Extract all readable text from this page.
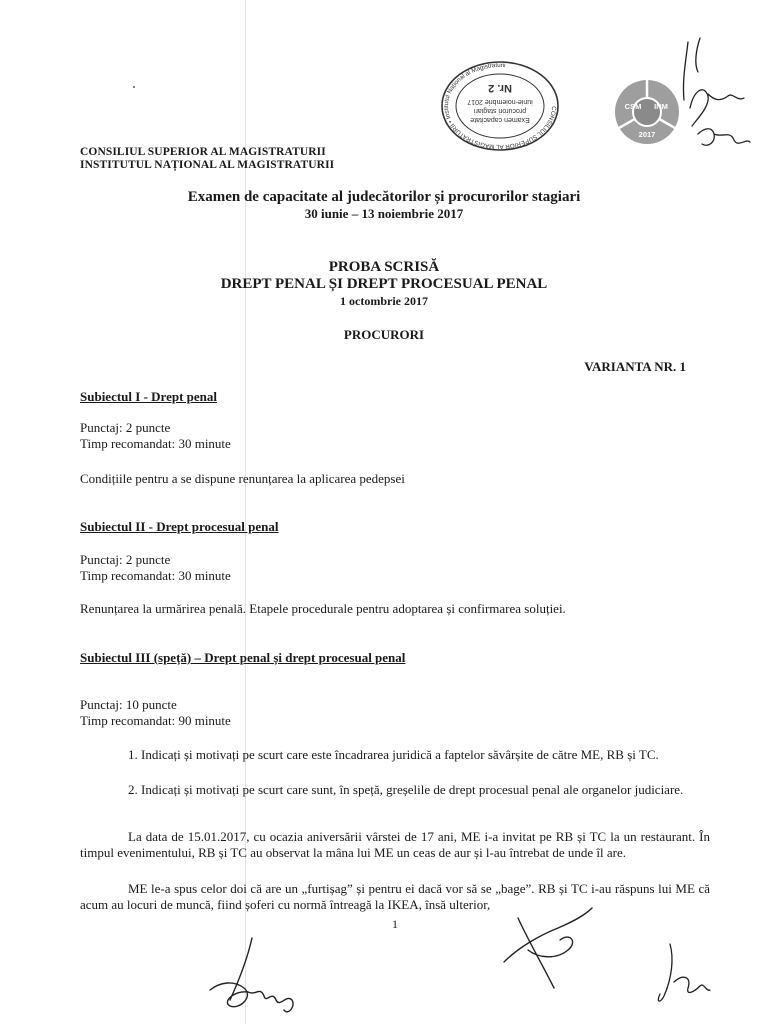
CONSILIUL SUPERIOR AL MAGISTRATURII • Institutul Național al Magistraturii
Examen capacitate
procurori stagiari
iunie-noiembrie 2017
Nr. 2
CSM INM
2017
CONSILIUL SUPERIOR AL MAGISTRATURII
INSTITUTUL NAȚIONAL AL MAGISTRATURII
Examen de capacitate al judecătorilor și procurorilor stagiari
30 iunie – 13 noiembrie 2017
PROBA SCRISĂ
DREPT PENAL ȘI DREPT PROCESUAL PENAL
1 octombrie 2017
PROCURORI
VARIANTA NR. 1
Subiectul I - Drept penal
Punctaj: 2 puncte
Timp recomandat: 30 minute
Condițiile pentru a se dispune renunțarea la aplicarea pedepsei
Subiectul II - Drept procesual penal
Punctaj: 2 puncte
Timp recomandat: 30 minute
Renunțarea la urmărirea penală. Etapele procedurale pentru adoptarea și confirmarea soluției.
Subiectul III (speță) – Drept penal și drept procesual penal
Punctaj: 10 puncte
Timp recomandat: 90 minute
1. Indicați și motivați pe scurt care este încadrarea juridică a faptelor săvârșite de către ME, RB și TC.
2. Indicați și motivați pe scurt care sunt, în speță, greșelile de drept procesual penal ale organelor judiciare.
La data de 15.01.2017, cu ocazia aniversării vârstei de 17 ani, ME i-a invitat pe RB și TC la un restaurant. În timpul evenimentului, RB și TC au observat la mâna lui ME un ceas de aur și l-au întrebat de unde îl are.
ME le-a spus celor doi că are un „furtișag” și pentru ei dacă vor să se „bage”. RB și TC i-au răspuns lui ME că acum au locuri de muncă, fiind șoferi cu normă întreagă la IKEA, însă ulterior,
1
